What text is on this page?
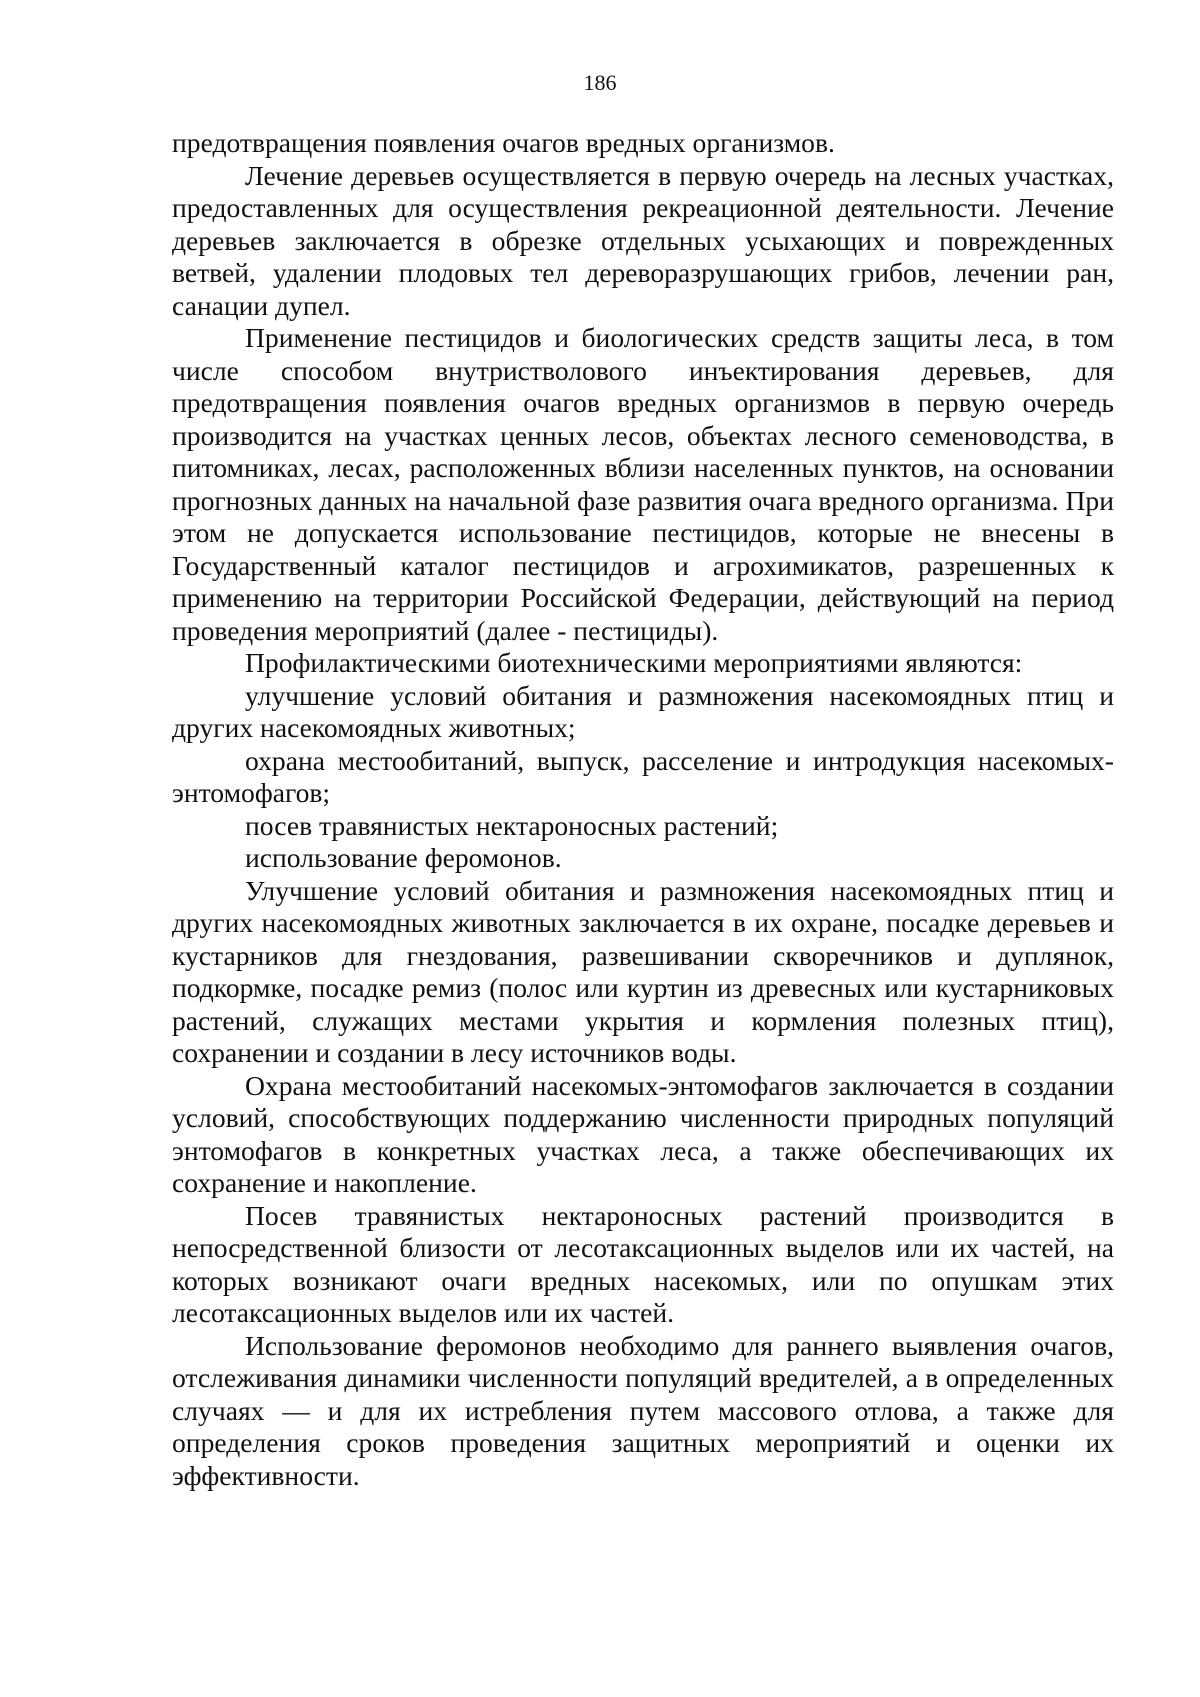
186

предотвращения появления очагов вредных организмов.

Лечение деревьев осуществляется в первую очередь на лесных участках, предоставленных для осуществления рекреационной деятельности. Лечение деревьев заключается в обрезке отдельных усыхающих и поврежденных ветвей, удалении плодовых тел дереворазрушающих грибов, лечении ран, санации дупел.

Применение пестицидов и биологических средств защиты леса, в том числе способом внутристволового инъектирования деревьев, для предотвращения появления очагов вредных организмов в первую очередь производится на участках ценных лесов, объектах лесного семеноводства, в питомниках, лесах, расположенных вблизи населенных пунктов, на основании прогнозных данных на начальной фазе развития очага вредного организма. При этом не допускается использование пестицидов, которые не внесены в Государственный каталог пестицидов и агрохимикатов, разрешенных к применению на территории Российской Федерации, действующий на период проведения мероприятий (далее - пестициды).

Профилактическими биотехническими мероприятиями являются:

улучшение условий обитания и размножения насекомоядных птиц и других насекомоядных животных;

охрана местообитаний, выпуск, расселение и интродукция насекомых-энтомофагов;

посев травянистых нектароносных растений;

использование феромонов.

Улучшение условий обитания и размножения насекомоядных птиц и других насекомоядных животных заключается в их охране, посадке деревьев и кустарников для гнездования, развешивании скворечников и дуплянок, подкормке, посадке ремиз (полос или куртин из древесных или кустарниковых растений, служащих местами укрытия и кормления полезных птиц), сохранении и создании в лесу источников воды.

Охрана местообитаний насекомых-энтомофагов заключается в создании условий, способствующих поддержанию численности природных популяций энтомофагов в конкретных участках леса, а также обеспечивающих их сохранение и накопление.

Посев травянистых нектароносных растений производится в непосредственной близости от лесотаксационных выделов или их частей, на которых возникают очаги вредных насекомых, или по опушкам этих лесотаксационных выделов или их частей.

Использование феромонов необходимо для раннего выявления очагов, отслеживания динамики численности популяций вредителей, а в определенных случаях — и для их истребления путем массового отлова, а также для определения сроков проведения защитных мероприятий и оценки их эффективности.
